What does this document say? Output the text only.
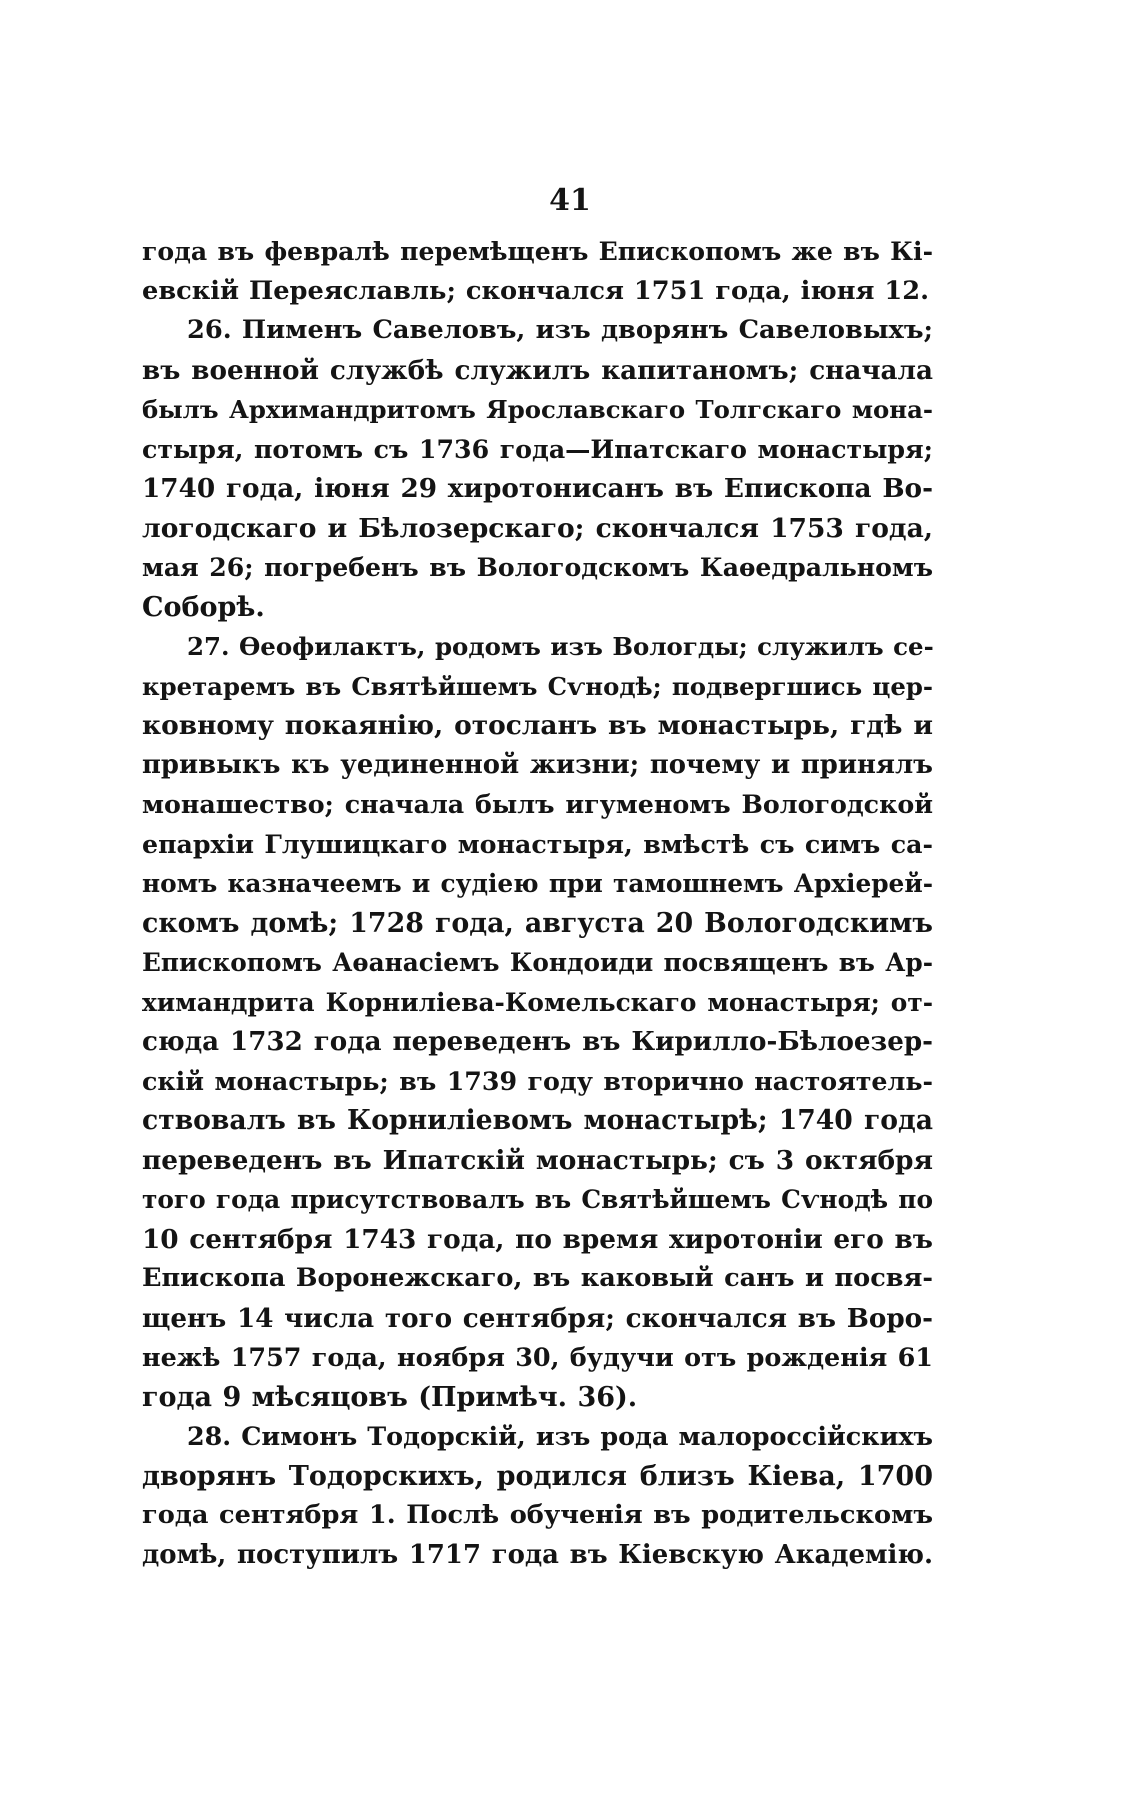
41
года въ февралѣ перемѣщенъ Епископомъ же въ Кі-
евскій Переяславль; скончался 1751 года, іюня 12.
26. Пименъ Савеловъ, изъ дворянъ Савеловыхъ;
въ военной службѣ служилъ капитаномъ; сначала
былъ Архимандритомъ Ярославскаго Толгскаго мона-
стыря, потомъ съ 1736 года—Ипатскаго монастыря;
1740 года, іюня 29 хиротонисанъ въ Епископа Во-
логодскаго и Бѣлозерскаго; скончался 1753 года,
мая 26; погребенъ въ Вологодскомъ Каѳедральномъ
Соборѣ.
27. Ѳеофилактъ, родомъ изъ Вологды; служилъ се-
кретаремъ въ Святѣйшемъ Сѵнодѣ; подвергшись цер-
ковному покаянію, отосланъ въ монастырь, гдѣ и
привыкъ къ уединенной жизни; почему и принялъ
монашество; сначала былъ игуменомъ Вологодской
епархіи Глушицкаго монастыря, вмѣстѣ съ симъ са-
номъ казначеемъ и судіею при тамошнемъ Архіерей-
скомъ домѣ; 1728 года, августа 20 Вологодскимъ
Епископомъ Аѳанасіемъ Кондоиди посвященъ въ Ар-
химандрита Корниліева-Комельскаго монастыря; от-
сюда 1732 года переведенъ въ Кирилло-Бѣлоезер-
скій монастырь; въ 1739 году вторично настоятель-
ствовалъ въ Корниліевомъ монастырѣ; 1740 года
переведенъ въ Ипатскій монастырь; съ 3 октября
того года присутствовалъ въ Святѣйшемъ Сѵнодѣ по
10 сентября 1743 года, по время хиротоніи его въ
Епископа Воронежскаго, въ каковый санъ и посвя-
щенъ 14 числа того сентября; скончался въ Воро-
нежѣ 1757 года, ноября 30, будучи отъ рожденія 61
года 9 мѣсяцовъ (Примѣч. 36).
28. Симонъ Тодорскій, изъ рода малороссійскихъ
дворянъ Тодорскихъ, родился близъ Кіева, 1700
года сентября 1. Послѣ обученія въ родительскомъ
домѣ, поступилъ 1717 года въ Кіевскую Академію.
